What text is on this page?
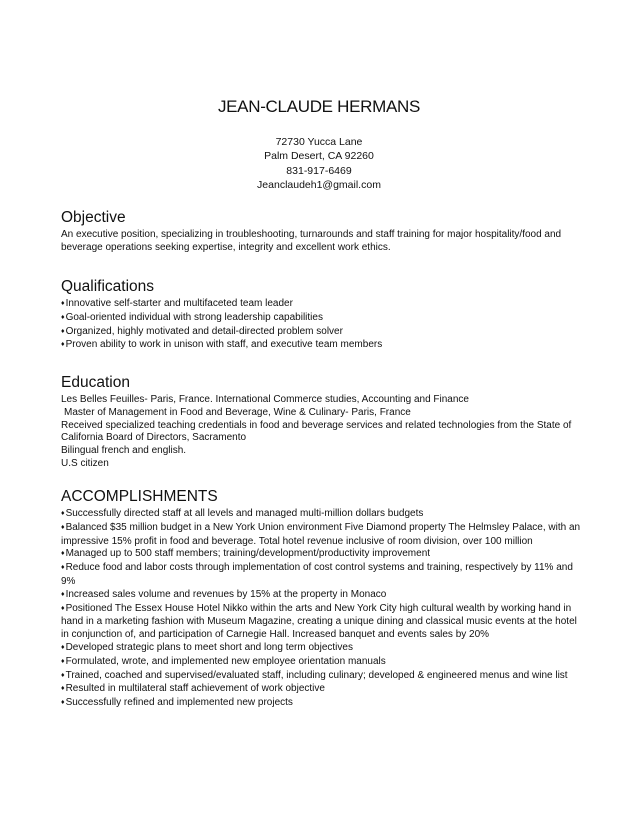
JEAN-CLAUDE HERMANS
72730 Yucca Lane
Palm Desert, CA 92260
831-917-6469
Jeanclaudeh1@gmail.com
Objective
An executive position, specializing in troubleshooting, turnarounds and staff training for major hospitality/food and beverage operations seeking expertise, integrity and excellent work ethics.
Qualifications
♦Innovative self-starter and multifaceted team leader
♦Goal-oriented individual with strong leadership capabilities
♦Organized, highly motivated and detail-directed problem solver
♦Proven ability to work in unison with staff, and executive team members
Education
Les Belles Feuilles- Paris, France. International Commerce studies, Accounting and Finance
Master of Management in Food and Beverage, Wine & Culinary- Paris, France
Received specialized teaching credentials in food and beverage services and related technologies from the State of California Board of Directors, Sacramento
Bilingual french and english.
U.S citizen
ACCOMPLISHMENTS
♦Successfully directed staff at all levels and managed multi-million dollars budgets
♦Balanced $35 million budget in a New York Union environment Five Diamond property The Helmsley Palace, with an impressive 15% profit in food and beverage. Total hotel revenue inclusive of room division, over 100 million
♦Managed up to 500 staff members; training/development/productivity improvement
♦Reduce food and labor costs through implementation of cost control systems and training, respectively by 11% and 9%
♦Increased sales volume and revenues by 15% at the property in Monaco
♦Positioned The Essex House Hotel Nikko within the arts and New York City high cultural wealth by working hand in hand in a marketing fashion with Museum Magazine, creating a unique dining and classical music events at the hotel in conjunction of, and participation of Carnegie Hall. Increased banquet and events sales by 20%
♦Developed strategic plans to meet short and long term objectives
♦Formulated, wrote, and implemented new employee orientation manuals
♦Trained, coached and supervised/evaluated staff, including culinary; developed & engineered menus and wine list
♦Resulted in multilateral staff achievement of work objective
♦Successfully refined and implemented new projects
